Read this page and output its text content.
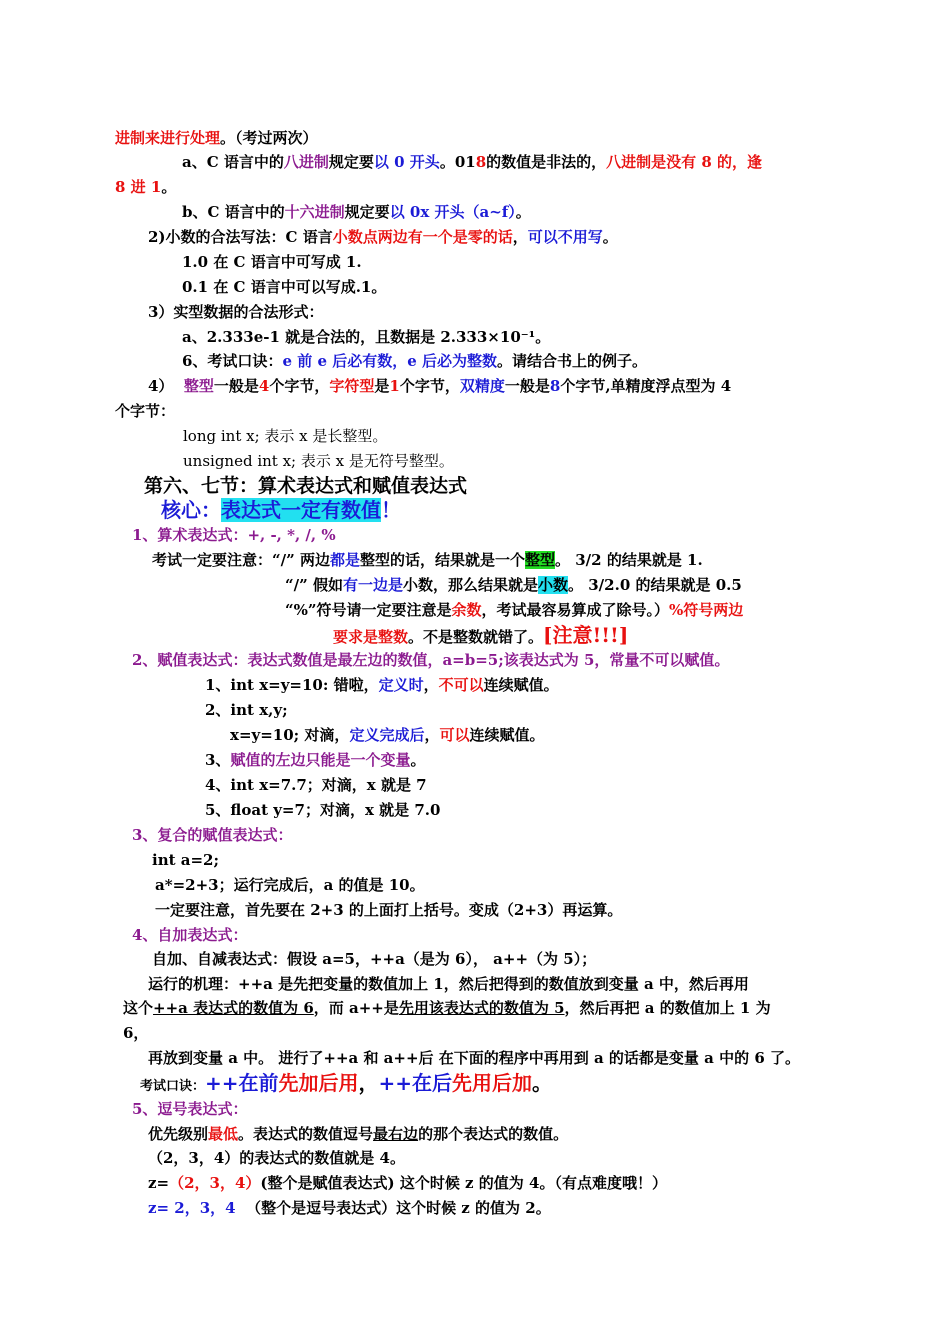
进制来进行处理。（考过两次）
a、C 语言中的八进制规定要以 0 开头。018的数值是非法的，八进制是没有 8 的，逢
8 进 1。
b、C 语言中的十六进制规定要以 0x 开头（a~f）。
2)小数的合法写法：C 语言小数点两边有一个是零的话，可以不用写。
1.0 在 C 语言中可写成 1.
0.1 在 C 语言中可以写成.1。
3）实型数据的合法形式：
a、2.333e-1 就是合法的，且数据是 2.333×10⁻¹。
6、考试口诀：e 前 e 后必有数，e 后必为整数。请结合书上的例子。
4） 整型一般是4个字节，字符型是1个字节，双精度一般是8个字节,单精度浮点型为 4
个字节：
long int x; 表示 x 是长整型。
unsigned int x; 表示 x 是无符号整型。
第六、七节：算术表达式和赋值表达式
核心：表达式一定有数值！
1、算术表达式：+, -, *, /, %
考试一定要注意：“/” 两边都是整型的话，结果就是一个整型。 3/2 的结果就是 1.
“/” 假如有一边是小数，那么结果就是小数。 3/2.0 的结果就是 0.5
“%”符号请一定要注意是余数，考试最容易算成了除号。）%符号两边
要求是整数。不是整数就错了。[注意!!!]
2、赋值表达式：表达式数值是最左边的数值，a=b=5;该表达式为 5，常量不可以赋值。
1、int x=y=10: 错啦，定义时，不可以连续赋值。
2、int x,y;
x=y=10; 对滴，定义完成后，可以连续赋值。
3、赋值的左边只能是一个变量。
4、int x=7.7；对滴，x 就是 7
5、float y=7；对滴，x 就是 7.0
3、复合的赋值表达式：
int a=2;
a*=2+3；运行完成后，a 的值是 10。
一定要注意，首先要在 2+3 的上面打上括号。变成（2+3）再运算。
4、自加表达式：
自加、自减表达式：假设 a=5，++a（是为 6）， a++（为 5）；
运行的机理：++a 是先把变量的数值加上 1，然后把得到的数值放到变量 a 中，然后再用
这个++a 表达式的数值为 6，而 a++是先用该表达式的数值为 5，然后再把 a 的数值加上 1 为
6，
再放到变量 a 中。 进行了++a 和 a++后 在下面的程序中再用到 a 的话都是变量 a 中的 6 了。
考试口诀：++在前先加后用，++在后先用后加。
5、逗号表达式：
优先级别最低。表达式的数值逗号最右边的那个表达式的数值。
（2，3，4）的表达式的数值就是 4。
z=（2，3，4）(整个是赋值表达式) 这个时候 z 的值为 4。（有点难度哦！）
z= 2，3，4 （整个是逗号表达式）这个时候 z 的值为 2。
